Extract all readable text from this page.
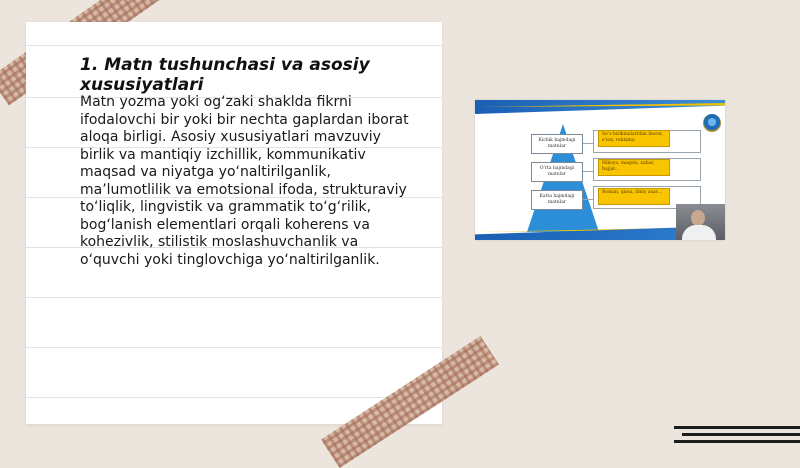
1. Matn tushunchasi va asosiy xususiyatlari
Matn yozma yoki og‘zaki shaklda fikrni ifodalovchi bir yoki bir nechta gaplardan iborat aloqa birligi. Asosiy xususiyatlari mavzuviy birlik va mantiqiy izchillik, kommunikativ maqsad va niyatga yo‘naltirilganlik, ma’lumotlilik va emotsional ifoda, strukturaviy to‘liqlik, lingvistik va grammatik to‘g‘rilik, bog‘lanish elementlari orqali koherens va kohezivlik, stilistik moslashuvchanlik va o‘quvchi yoki tinglovchiga yo‘naltirilganlik.
Kichik hajmdagi matnlar
O‘rta hajmdagi matnlar
Katta hajmdagi matnlar
So‘z birikmalaridan iborat, e’lon, reklama
Hikoya, maqola, xabar, hujjat…
Roman, qissa, ilmiy asar…
